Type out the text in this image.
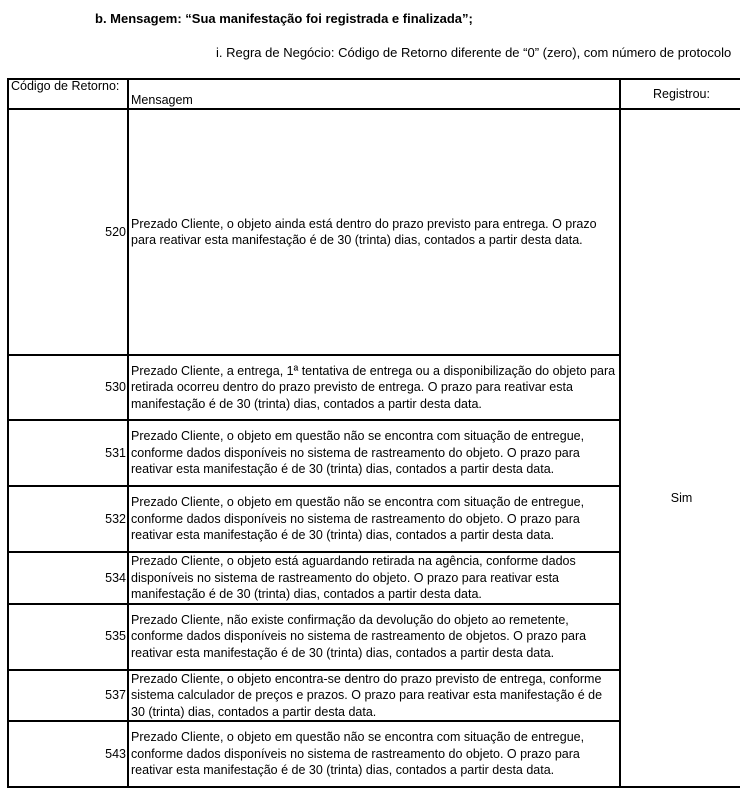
b. Mensagem: “Sua manifestação foi registrada e finalizada”;
i. Regra de Negócio: Código de Retorno diferente de “0” (zero), com número de protocolo
Código de Retorno:	Mensagem	Registrou:
520	Prezado Cliente, o objeto ainda está dentro do prazo previsto para entrega. O prazo para reativar esta manifestação é de 30 (trinta) dias, contados a partir desta data.	Sim
530	Prezado Cliente, a entrega, 1ª tentativa de entrega ou a disponibilização do objeto para retirada ocorreu dentro do prazo previsto de entrega. O prazo para reativar esta manifestação é de 30 (trinta) dias, contados a partir desta data.	

531	Prezado Cliente, o objeto em questão não se encontra com situação de entregue, conforme dados disponíveis no sistema de rastreamento do objeto. O prazo para reativar esta manifestação é de 30 (trinta) dias, contados a partir desta data.	

532	Prezado Cliente, o objeto em questão não se encontra com situação de entregue, conforme dados disponíveis no sistema de rastreamento do objeto. O prazo para reativar esta manifestação é de 30 (trinta) dias, contados a partir desta data.	

534	Prezado Cliente, o objeto está aguardando retirada na agência, conforme dados disponíveis no sistema de rastreamento do objeto. O prazo para reativar esta manifestação é de 30 (trinta) dias, contados a partir desta data.	

535	Prezado Cliente, não existe confirmação da devolução do objeto ao remetente, conforme dados disponíveis no sistema de rastreamento de objetos. O prazo para reativar esta manifestação é de 30 (trinta) dias, contados a partir desta data.	

537	Prezado Cliente, o objeto encontra-se dentro do prazo previsto de entrega, conforme sistema calculador de preços e prazos. O prazo para reativar esta manifestação é de 30 (trinta) dias, contados a partir desta data.	

543	Prezado Cliente, o objeto em questão não se encontra com situação de entregue, conforme dados disponíveis no sistema de rastreamento do objeto. O prazo para reativar esta manifestação é de 30 (trinta) dias, contados a partir desta data.	
